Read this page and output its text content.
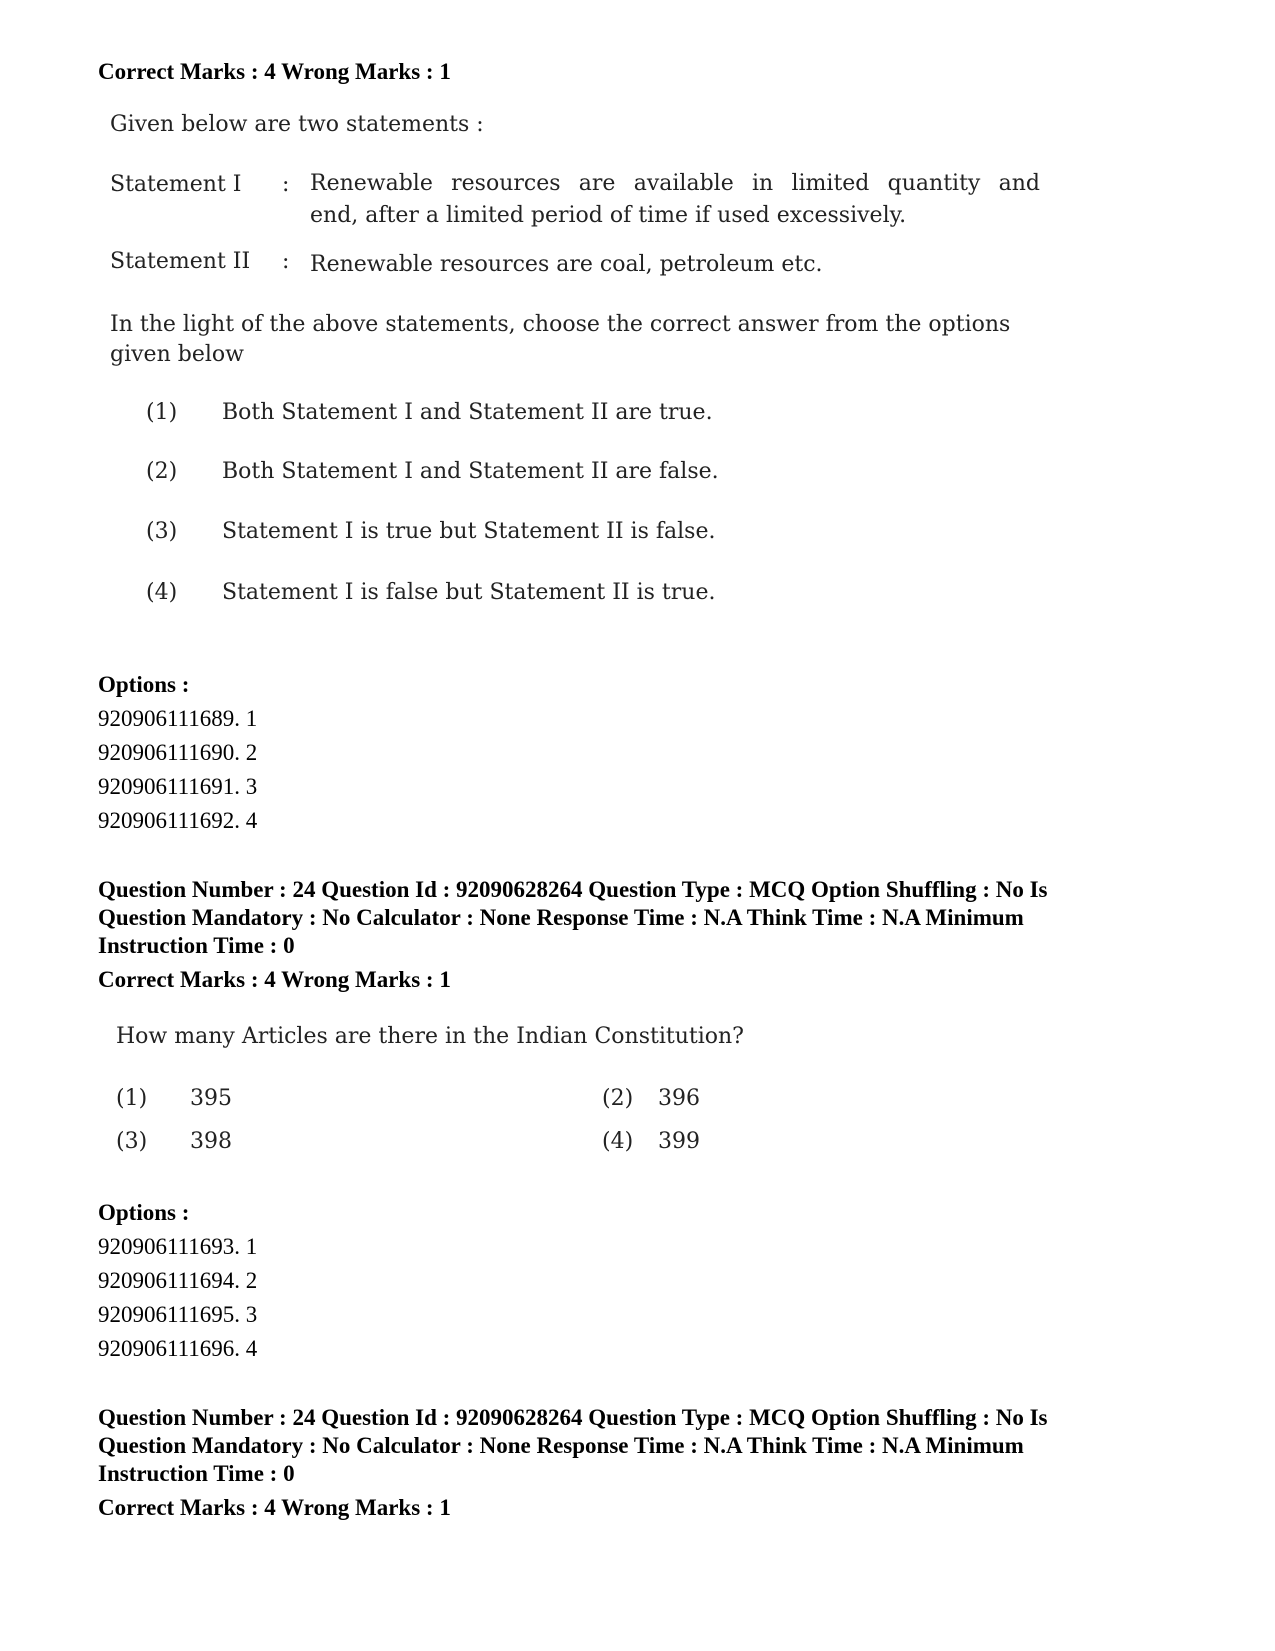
Correct Marks : 4 Wrong Marks : 1
Given below are two statements :
Statement I : Renewable resources are available in limited quantity and
end, after a limited period of time if used excessively.
Statement II : Renewable resources are coal, petroleum etc.
In the light of the above statements, choose the correct answer from the options
given below
(1) Both Statement I and Statement II are true.
(2) Both Statement I and Statement II are false.
(3) Statement I is true but Statement II is false.
(4) Statement I is false but Statement II is true.
Options :
920906111689. 1
920906111690. 2
920906111691. 3
920906111692. 4
Question Number : 24 Question Id : 92090628264 Question Type : MCQ Option Shuffling : No Is
Question Mandatory : No Calculator : None Response Time : N.A Think Time : N.A Minimum
Instruction Time : 0
Correct Marks : 4 Wrong Marks : 1
How many Articles are there in the Indian Constitution?
(1) 395	(2) 396
(3) 398	(4) 399
Options :
920906111693. 1
920906111694. 2
920906111695. 3
920906111696. 4
Question Number : 24 Question Id : 92090628264 Question Type : MCQ Option Shuffling : No Is
Question Mandatory : No Calculator : None Response Time : N.A Think Time : N.A Minimum
Instruction Time : 0
Correct Marks : 4 Wrong Marks : 1
